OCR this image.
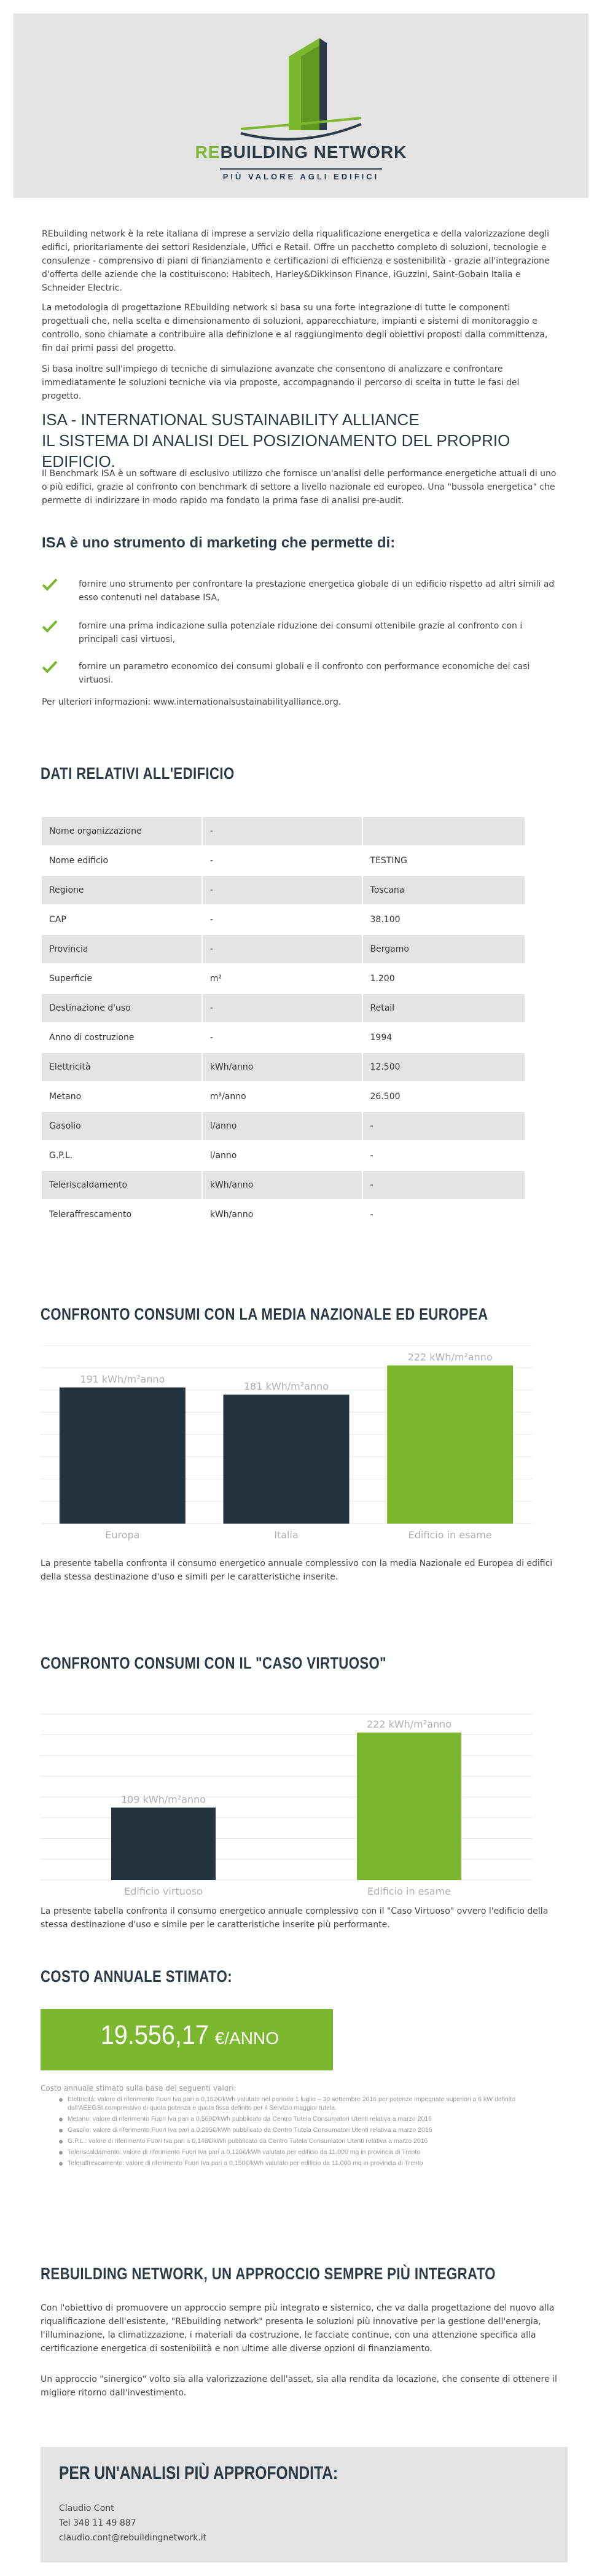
REBUILDING NETWORK
PIÙ VALORE AGLI EDIFICI

REbuilding network è la rete italiana di imprese a servizio della riqualificazione energetica e della valorizzazione degli edifici, prioritariamente dei settori Residenziale, Uffici e Retail. Offre un pacchetto completo di soluzioni, tecnologie e consulenze - comprensivo di piani di finanziamento e certificazioni di efficienza e sostenibilità - grazie all'integrazione d'offerta delle aziende che la costituiscono: Habitech, Harley&Dikkinson Finance, iGuzzini, Saint-Gobain Italia e Schneider Electric.

La metodologia di progettazione REbuilding network si basa su una forte integrazione di tutte le componenti progettuali che, nella scelta e dimensionamento di soluzioni, apparecchiature, impianti e sistemi di monitoraggio e controllo, sono chiamate a contribuire alla definizione e al raggiungimento degli obiettivi proposti dalla committenza, fin dai primi passi del progetto.

Si basa inoltre sull'impiego di tecniche di simulazione avanzate che consentono di analizzare e confrontare immediatamente le soluzioni tecniche via via proposte, accompagnando il percorso di scelta in tutte le fasi del progetto.

ISA - INTERNATIONAL SUSTAINABILITY ALLIANCE
IL SISTEMA DI ANALISI DEL POSIZIONAMENTO DEL PROPRIO EDIFICIO.

Il Benchmark ISA è un software di esclusivo utilizzo che fornisce un'analisi delle performance energetiche attuali di uno o più edifici, grazie al confronto con benchmark di settore a livello nazionale ed europeo. Una "bussola energetica" che permette di indirizzare in modo rapido ma fondato la prima fase di analisi pre-audit.

ISA è uno strumento di marketing che permette di:
fornire uno strumento per confrontare la prestazione energetica globale di un edificio rispetto ad altri simili ad esso contenuti nel database ISA,
fornire una prima indicazione sulla potenziale riduzione dei consumi ottenibile grazie al confronto con i principali casi virtuosi,
fornire un parametro economico dei consumi globali e il confronto con performance economiche dei casi virtuosi.

Per ulteriori informazioni: www.internationalsustainabilityalliance.org.

DATI RELATIVI ALL'EDIFICIO
Nome organizzazione	-	
Nome edificio	-	TESTING
Regione	-	Toscana
CAP	-	38.100
Provincia	-	Bergamo
Superficie	m²	1.200
Destinazione d'uso	-	Retail
Anno di costruzione	-	1994
Elettricità	kWh/anno	12.500
Metano	m³/anno	26.500
Gasolio	l/anno	-
G.P.L.	l/anno	-
Teleriscaldamento	kWh/anno	-
Teleraffrescamento	kWh/anno	-
CONFRONTO CONSUMI CON LA MEDIA NAZIONALE ED EUROPEA
191 kWh/m²anno
Europa
181 kWh/m²anno
Italia
222 kWh/m²anno
Edificio in esame

La presente tabella confronta il consumo energetico annuale complessivo con la media Nazionale ed Europea di edifici della stessa destinazione d'uso e simili per le caratteristiche inserite.

CONFRONTO CONSUMI CON IL "CASO VIRTUOSO"
109 kWh/m²anno
Edificio virtuoso
222 kWh/m²anno
Edificio in esame

La presente tabella confronta il consumo energetico annuale complessivo con il "Caso Virtuoso" ovvero l'edificio della stessa destinazione d'uso e simile per le caratteristiche inserite più performante.

COSTO ANNUALE STIMATO:
19.556,17 €/ANNO
Costo annuale stimato sulla base dei seguenti valori:
Elettricità: valore di riferimento Fuori Iva pari a 0,162€/kWh valutato nel periodo 1 luglio – 30 settembre 2016 per potenze impegnate superiori a 6 kW definito dall'AEEGSI comprensivo di quota potenza e quota fissa definito per il Servizio maggior tutela.
Metano: valore di riferimento Fuori Iva pari a 0,569€/kWh pubblicato da Centro Tutela Consumatori Utenti relativa a marzo 2016
Gasolio: valore di riferimento Fuori Iva pari a 0,295€/kWh pubblicato da Centro Tutela Consumatori Utenti relativa a marzo 2016
G.P.L.: valore di riferimento Fuori Iva pari a 0,148€/kWh pubblicato da Centro Tutela Consumatori Utenti relativa a marzo 2016
Teleriscaldamento: valore di riferimento Fuori Iva pari a 0,120€/kWh valutato per edificio da 11.000 mq in provincia di Trento
Teleraffrescamento: valore di riferimento Fuori Iva pari a 0,150€/kWh valutato per edificio da 11.000 mq in provincia di Trento
REBUILDING NETWORK, UN APPROCCIO SEMPRE PIÙ INTEGRATO

Con l'obiettivo di promuovere un approccio sempre più integrato e sistemico, che va dalla progettazione del nuovo alla riqualificazione dell'esistente, "REbuilding network" presenta le soluzioni più innovative per la gestione dell'energia, l'illuminazione, la climatizzazione, i materiali da costruzione, le facciate continue, con una attenzione specifica alla certificazione energetica di sostenibilità e non ultime alle diverse opzioni di finanziamento.

Un approccio "sinergico" volto sia alla valorizzazione dell'asset, sia alla rendita da locazione, che consente di ottenere il migliore ritorno dall'investimento.

PER UN'ANALISI PIÙ APPROFONDITA:
Claudio Cont
Tel 348 11 49 887
claudio.cont@rebuildingnetwork.it
